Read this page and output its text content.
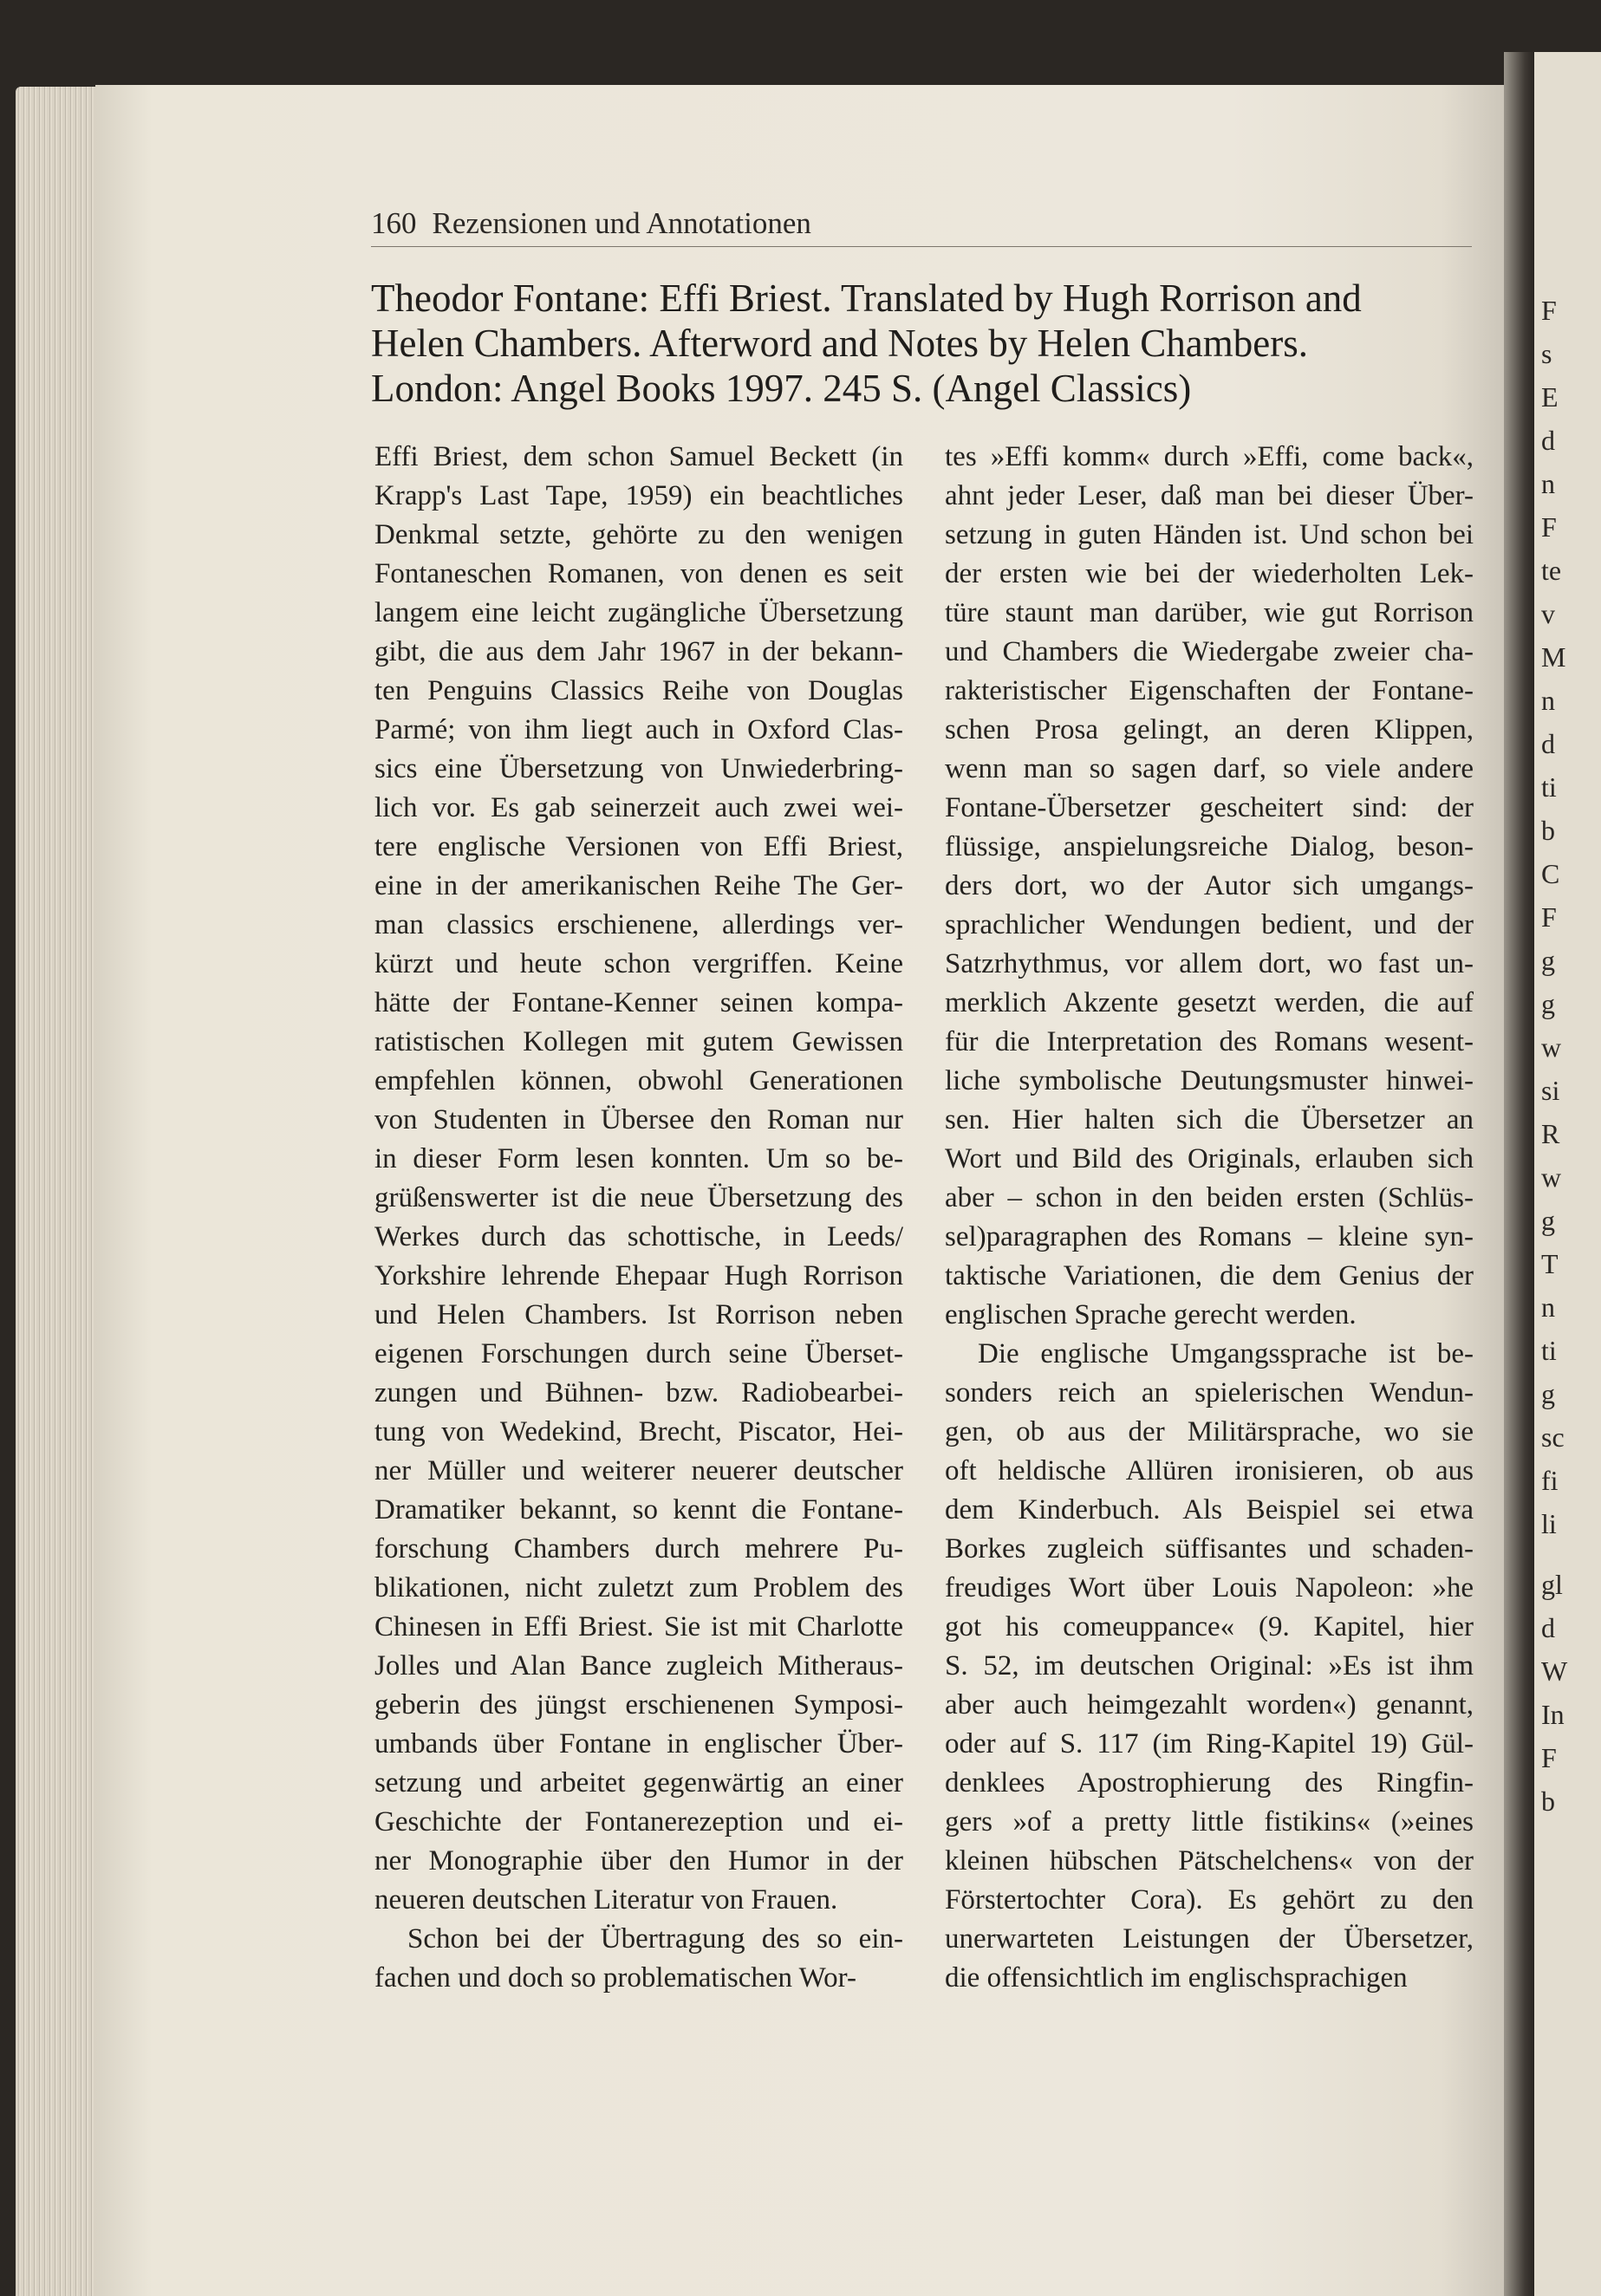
F
s
E
d
n
F
te
v
M
n
d
ti
b
C
F
g
g
w
si
R
w
g
T
n
ti
g
sc
fi
li
gl
d
W
In
F
b
160 Rezensionen und Annotationen
Theodor Fontane: Effi Briest. Translated by Hugh Rorrison and
Helen Chambers. Afterword and Notes by Helen Chambers.
London: Angel Books 1997. 245 S. (Angel Classics)
Effi Briest, dem schon Samuel Beckett (in
Krapp's Last Tape, 1959) ein beachtliches
Denkmal setzte, gehörte zu den wenigen
Fontaneschen Romanen, von denen es seit
langem eine leicht zugängliche Übersetzung
gibt, die aus dem Jahr 1967 in der bekann-
ten Penguins Classics Reihe von Douglas
Parmé; von ihm liegt auch in Oxford Clas-
sics eine Übersetzung von Unwiederbring-
lich vor. Es gab seinerzeit auch zwei wei-
tere englische Versionen von Effi Briest,
eine in der amerikanischen Reihe The Ger-
man classics erschienene, allerdings ver-
kürzt und heute schon vergriffen. Keine
hätte der Fontane-Kenner seinen kompa-
ratistischen Kollegen mit gutem Gewissen
empfehlen können, obwohl Generationen
von Studenten in Übersee den Roman nur
in dieser Form lesen konnten. Um so be-
grüßenswerter ist die neue Übersetzung des
Werkes durch das schottische, in Leeds/
Yorkshire lehrende Ehepaar Hugh Rorrison
und Helen Chambers. Ist Rorrison neben
eigenen Forschungen durch seine Überset-
zungen und Bühnen- bzw. Radiobearbei-
tung von Wedekind, Brecht, Piscator, Hei-
ner Müller und weiterer neuerer deutscher
Dramatiker bekannt, so kennt die Fontane-
forschung Chambers durch mehrere Pu-
blikationen, nicht zuletzt zum Problem des
Chinesen in Effi Briest. Sie ist mit Charlotte
Jolles und Alan Bance zugleich Mitheraus-
geberin des jüngst erschienenen Symposi-
umbands über Fontane in englischer Über-
setzung und arbeitet gegenwärtig an einer
Geschichte der Fontanerezeption und ei-
ner Monographie über den Humor in der
neueren deutschen Literatur von Frauen.
Schon bei der Übertragung des so ein-
fachen und doch so problematischen Wor-
tes »Effi komm« durch »Effi, come back«,
ahnt jeder Leser, daß man bei dieser Über-
setzung in guten Händen ist. Und schon bei
der ersten wie bei der wiederholten Lek-
türe staunt man darüber, wie gut Rorrison
und Chambers die Wiedergabe zweier cha-
rakteristischer Eigenschaften der Fontane-
schen Prosa gelingt, an deren Klippen,
wenn man so sagen darf, so viele andere
Fontane-Übersetzer gescheitert sind: der
flüssige, anspielungsreiche Dialog, beson-
ders dort, wo der Autor sich umgangs-
sprachlicher Wendungen bedient, und der
Satzrhythmus, vor allem dort, wo fast un-
merklich Akzente gesetzt werden, die auf
für die Interpretation des Romans wesent-
liche symbolische Deutungsmuster hinwei-
sen. Hier halten sich die Übersetzer an
Wort und Bild des Originals, erlauben sich
aber – schon in den beiden ersten (Schlüs-
sel)paragraphen des Romans – kleine syn-
taktische Variationen, die dem Genius der
englischen Sprache gerecht werden.
Die englische Umgangssprache ist be-
sonders reich an spielerischen Wendun-
gen, ob aus der Militärsprache, wo sie
oft heldische Allüren ironisieren, ob aus
dem Kinderbuch. Als Beispiel sei etwa
Borkes zugleich süffisantes und schaden-
freudiges Wort über Louis Napoleon: »he
got his comeuppance« (9. Kapitel, hier
S. 52, im deutschen Original: »Es ist ihm
aber auch heimgezahlt worden«) genannt,
oder auf S. 117 (im Ring-Kapitel 19) Gül-
denklees Apostrophierung des Ringfin-
gers »of a pretty little fistikins« (»eines
kleinen hübschen Pätschelchens« von der
Förstertochter Cora). Es gehört zu den
unerwarteten Leistungen der Übersetzer,
die offensichtlich im englischsprachigen
